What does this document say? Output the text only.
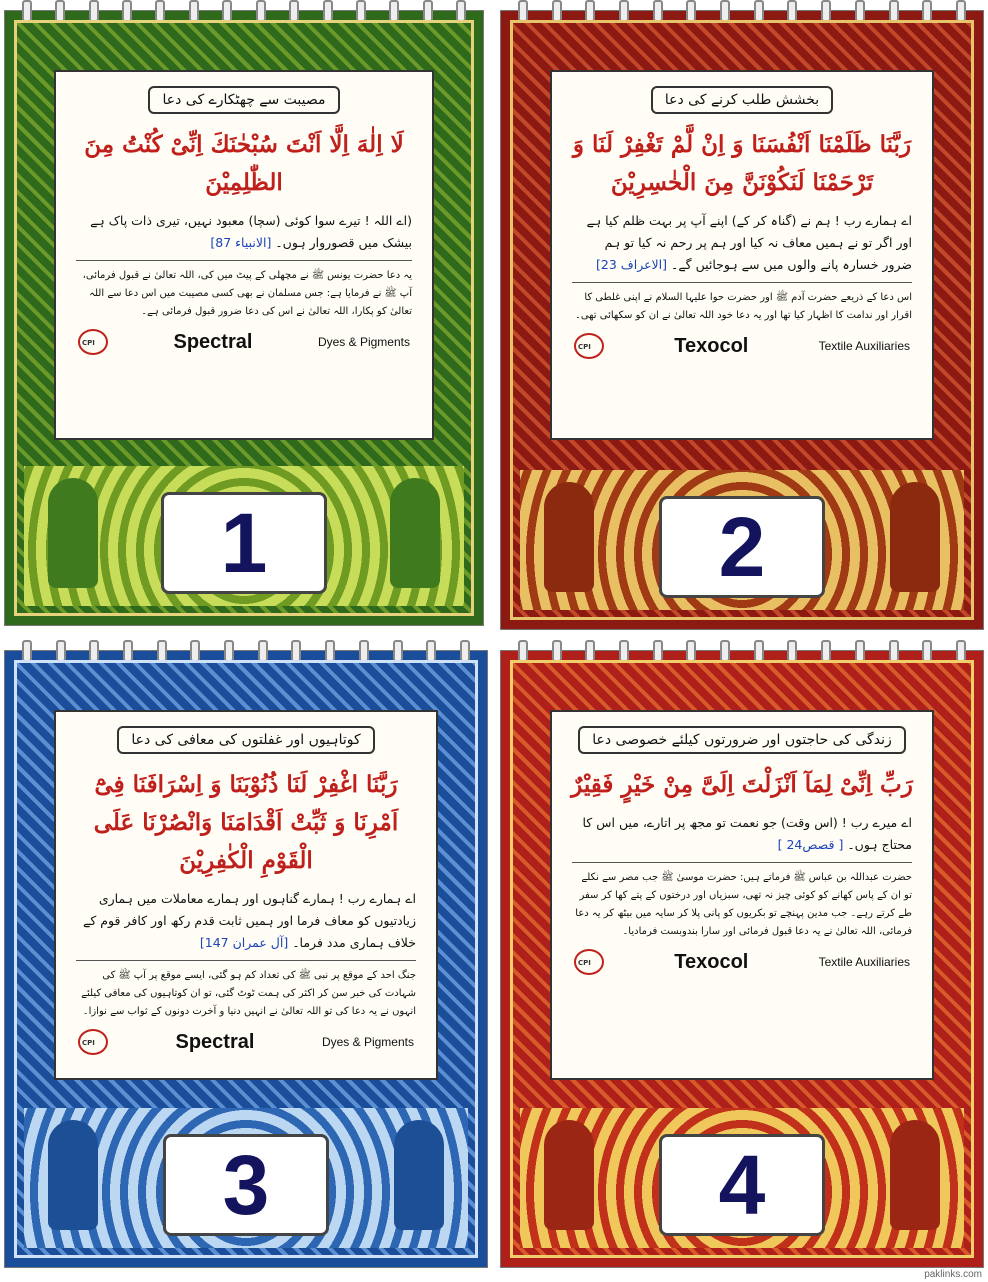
مصیبت سے چھٹکارے کی دعا
لَا اِلٰهَ اِلَّا اَنْتَ سُبْحٰنَكَ اِنِّیْ كُنْتُ مِنَ الظّٰلِمِیْنَ
(اے اللہ ! تیرے سوا کوئی (سچا) معبود نہیں، تیری ذات پاک ہے بیشک میں قصوروار ہوں۔ [الانبیاء 87]
یہ دعا حضرت یونس ﷺ نے مچھلی کے پیٹ میں کی، اللہ تعالیٰ نے قبول فرمائی، آپ ﷺ نے فرمایا ہے: جس مسلمان نے بھی کسی مصیبت میں اس دعا سے اللہ تعالیٰ کو پکارا، اللہ تعالیٰ نے اس کی دعا ضرور قبول فرمائی ہے۔
CPI	Spectral	Dyes & Pigments
1
بخشش طلب کرنے کی دعا
رَبَّنَا ظَلَمْنَا اَنْفُسَنَا وَ اِنْ لَّمْ تَغْفِرْ لَنَا وَ تَرْحَمْنَا لَنَكُوْنَنَّ مِنَ الْخٰسِرِیْنَ
اے ہمارے رب ! ہم نے (گناہ کر کے) اپنے آپ پر بہت ظلم کیا ہے اور اگر تو نے ہمیں معاف نہ کیا اور ہم پر رحم نہ کیا تو ہم ضرور خسارہ پانے والوں میں سے ہوجائیں گے۔ [الاعراف 23]
اس دعا کے ذریعے حضرت آدم ﷺ اور حضرت حوا علیہا السلام نے اپنی غلطی کا اقرار اور ندامت کا اظہار کیا تھا اور یہ دعا خود اللہ تعالیٰ نے ان کو سکھائی تھی۔
CPI	Texocol	Textile Auxiliaries
2
کوتاہیوں اور غفلتوں کی معافی کی دعا
رَبَّنَا اغْفِرْ لَنَا ذُنُوْبَنَا وَ اِسْرَافَنَا فِیْٓ اَمْرِنَا وَ ثَبِّتْ اَقْدَامَنَا وَانْصُرْنَا عَلَی الْقَوْمِ الْكٰفِرِیْنَ
اے ہمارے رب ! ہمارے گناہوں اور ہمارے معاملات میں ہماری زیادتیوں کو معاف فرما اور ہمیں ثابت قدم رکھ اور کافر قوم کے خلاف ہماری مدد فرما۔ [آل عمران 147]
جنگ احد کے موقع پر نبی ﷺ کی تعداد کم ہو گئی، ایسے موقع پر آپ ﷺ کی شہادت کی خبر سن کر اکثر کی ہمت ٹوٹ گئی، تو ان کوتاہیوں کی معافی کیلئے انہوں نے یہ دعا کی تو اللہ تعالیٰ نے انہیں دنیا و آخرت دونوں کے ثواب سے نوازا۔
CPI	Spectral	Dyes & Pigments
3
زندگی کی حاجتوں اور ضرورتوں کیلئے خصوصی دعا
رَبِّ اِنِّیْ لِمَآ اَنْزَلْتَ اِلَیَّ مِنْ خَیْرٍ فَقِیْرٌ
اے میرے رب ! (اس وقت) جو نعمت تو مجھ پر اتارے، میں اس کا محتاج ہوں۔ [ قصص24 ]
حضرت عبداللہ بن عباس ﷺ فرماتے ہیں: حضرت موسیٰ ﷺ جب مصر سے نکلے تو ان کے پاس کھانے کو کوئی چیز نہ تھی، سبزیاں اور درختوں کے پتے کھا کر سفر طے کرتے رہے۔ جب مدین پہنچے تو بکریوں کو پانی پلا کر سایہ میں بیٹھ کر یہ دعا فرمائی، اللہ تعالیٰ نے یہ دعا قبول فرمائی اور سارا بندوبست فرمادیا۔
CPI	Texocol	Textile Auxiliaries
4
paklinks.com
